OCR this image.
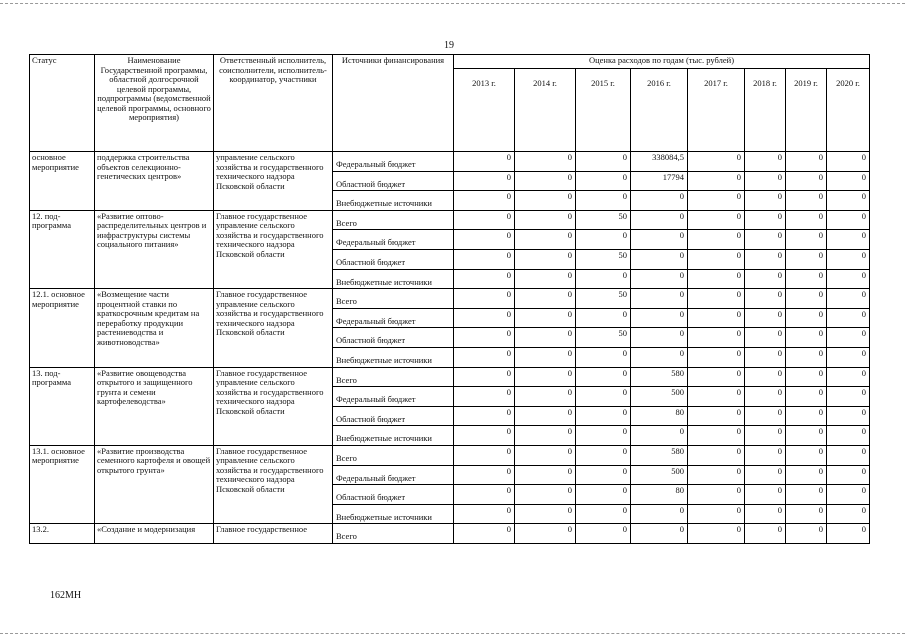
19
Статус	Наименование Государственной программы, областной долгосрочной целевой программы, подпрограммы (ведомственной целевой программы, основного мероприятия)	Ответственный исполнитель, соисполнители, исполнитель-координатор, участники	Источники финансирования	Оценка расходов по годам (тыс. рублей)							
				2013 г.	2014 г.	2015 г.	2016 г.	2017 г.	2018 г.	2019 г.	2020 г.
основное мероприятие	поддержка строительства объектов селекционно-генетических центров»	управление сельского хозяйства и государственного технического надзора Псковской области	Федеральный бюджет	0	0	0	338084,5	0	0	0	0
			Областной бюджет	0	0	0	17794	0	0	0	0
			Внебюджетные источники	0	0	0	0	0	0	0	0
12. под-программа	«Развитие оптово-распределительных центров и инфраструктуры системы социального питания»	Главное государственное управление сельского хозяйства и государственного технического надзора Псковской области	Всего	0	0	50	0	0	0	0	0
			Федеральный бюджет	0	0	0	0	0	0	0	0
			Областной бюджет	0	0	50	0	0	0	0	0
			Внебюджетные источники	0	0	0	0	0	0	0	0
12.1. основное мероприятие	«Возмещение части процентной ставки по краткосрочным кредитам на переработку продукции растениеводства и животноводства»	Главное государственное управление сельского хозяйства и государственного технического надзора Псковской области	Всего	0	0	50	0	0	0	0	0
			Федеральный бюджет	0	0	0	0	0	0	0	0
			Областной бюджет	0	0	50	0	0	0	0	0
			Внебюджетные источники	0	0	0	0	0	0	0	0
13. под-программа	«Развитие овощеводства открытого и защищенного грунта и семени картофелеводства»	Главное государственное управление сельского хозяйства и государственного технического надзора Псковской области	Всего	0	0	0	580	0	0	0	0
			Федеральный бюджет	0	0	0	500	0	0	0	0
			Областной бюджет	0	0	0	80	0	0	0	0
			Внебюджетные источники	0	0	0	0	0	0	0	0
13.1. основное мероприятие	«Развитие производства семенного картофеля и овощей открытого грунта»	Главное государственное управление сельского хозяйства и государственного технического надзора Псковской области	Всего	0	0	0	580	0	0	0	0
			Федеральный бюджет	0	0	0	500	0	0	0	0
			Областной бюджет	0	0	0	80	0	0	0	0
			Внебюджетные источники	0	0	0	0	0	0	0	0
13.2.	«Создание и модернизация	Главное государственное	Всего	0	0	0	0	0	0	0	0
162МН
